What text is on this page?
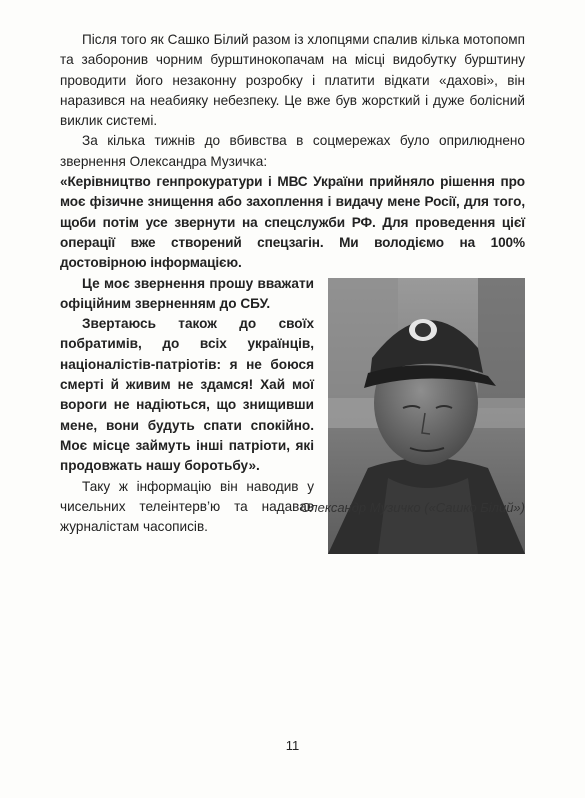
Після того як Сашко Білий разом із хлопцями спалив кілька мотопомп та заборонив чорним бурштинокопачам на місці видобутку бурштину проводити його незаконну розробку і платити відкати «дахові», він наразився на неабияку небезпеку. Це вже був жорсткий і дуже болісний виклик системі.

За кілька тижнів до вбивства в соцмережах було оприлюднено звернення Олександра Музичка:

«Керівництво генпрокуратури і МВС України прийняло рішення про моє фізичне знищення або захоплення і видачу мене Росії, для того, щоби потім усе звернути на спецслужби РФ. Для проведення цієї операції вже створений спецзагін. Ми володіємо на 100% достовірною інформацією.

Це моє звернення прошу вважати офіційним зверненням до СБУ.

Звертаюсь також до своїх побратимів, до всіх українців, націоналістів-патріотів: я не боюся смерті й живим не здамся! Хай мої вороги не надіються, що знищивши мене, вони будуть спати спокійно. Моє місце займуть інші патріоти, які продовжать нашу боротьбу».

Таку ж інформацію він наводив у чисельних телеінтерв’ю та надавав журналістам часописів.

Олександр Музичко («Сашко Білий»)
11
